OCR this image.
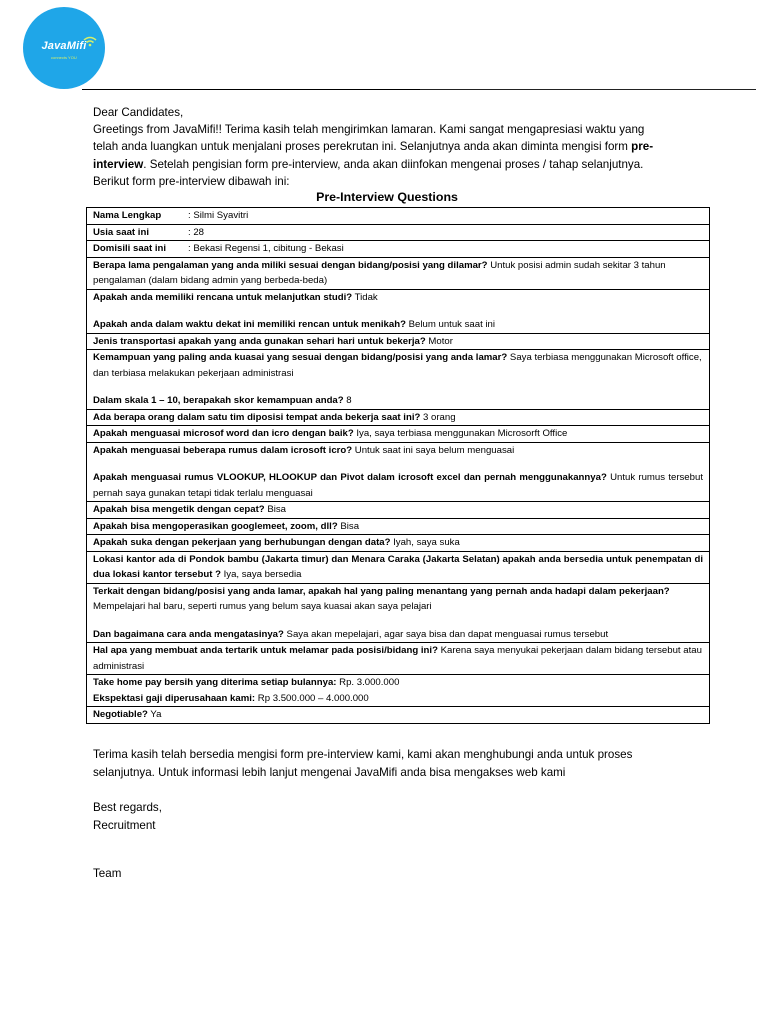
JavaMifi
connects YOU

Dear Candidates,

Greetings from JavaMifi!! Terima kasih telah mengirimkan lamaran. Kami sangat mengapresiasi waktu yang

telah anda luangkan untuk menjalani proses perekrutan ini. Selanjutnya anda akan diminta mengisi form pre-

interview. Setelah pengisian form pre-interview, anda akan diinfokan mengenai proses / tahap selanjutnya.

Berikut form pre-interview dibawah ini:

Pre-Interview Questions
Nama Lengkap	: Silmi Syavitri
Usia saat ini	: 28
Domisili saat ini : Bekasi Regensi 1, cibitung - Bekasi
Berapa lama pengalaman yang anda miliki sesuai dengan bidang/posisi yang dilamar? Untuk posisi admin sudah sekitar 3 tahun pengalaman (dalam bidang admin yang berbeda-beda)

Apakah anda memiliki rencana untuk melanjutkan studi? Tidak
Apakah anda dalam waktu dekat ini memiliki rencan untuk menikah? Belum untuk saat ini

Jenis transportasi apakah yang anda gunakan sehari hari untuk bekerja? Motor

Kemampuan yang paling anda kuasai yang sesuai dengan bidang/posisi yang anda lamar? Saya terbiasa menggunakan Microsoft office, dan terbiasa melakukan pekerjaan administrasi
Dalam skala 1 – 10, berapakah skor kemampuan anda? 8

Ada berapa orang dalam satu tim diposisi tempat anda bekerja saat ini? 3 orang
Apakah menguasai microsof word dan icro dengan baik? Iya, saya terbiasa menggunakan Microsorft Office

Apakah menguasai beberapa rumus dalam icrosoft icro? Untuk saat ini saya belum menguasai
Apakah menguasai rumus VLOOKUP, HLOOKUP dan Pivot dalam icrosoft excel dan pernah menggunakannya? Untuk rumus tersebut pernah saya gunakan tetapi tidak terlalu menguasai

Apakah bisa mengetik dengan cepat? Bisa
Apakah bisa mengoperasikan googlemeet, zoom, dll? Bisa
Apakah suka dengan pekerjaan yang berhubungan dengan data? Iyah, saya suka
Lokasi kantor ada di Pondok bambu (Jakarta timur) dan Menara Caraka (Jakarta Selatan) apakah anda bersedia untuk penempatan di dua lokasi kantor tersebut ? Iya, saya bersedia

Terkait dengan bidang/posisi yang anda lamar, apakah hal yang paling menantang yang pernah anda hadapi dalam pekerjaan? Mempelajari hal baru, seperti rumus yang belum saya kuasai akan saya pelajari
Dan bagaimana cara anda mengatasinya? Saya akan mepelajari, agar saya bisa dan dapat menguasai rumus tersebut

Hal apa yang membuat anda tertarik untuk melamar pada posisi/bidang ini? Karena saya menyukai pekerjaan dalam bidang tersebut atau administrasi

Take home pay bersih yang diterima setiap bulannya: Rp. 3.000.000
Ekspektasi gaji diperusahaan kami: Rp 3.500.000 – 4.000.000

Negotiable? Ya

Terima kasih telah bersedia mengisi form pre-interview kami, kami akan menghubungi anda untuk proses

selanjutnya. Untuk informasi lebih lanjut mengenai JavaMifi anda bisa mengakses web kami

Best regards,
Recruitment
Team
